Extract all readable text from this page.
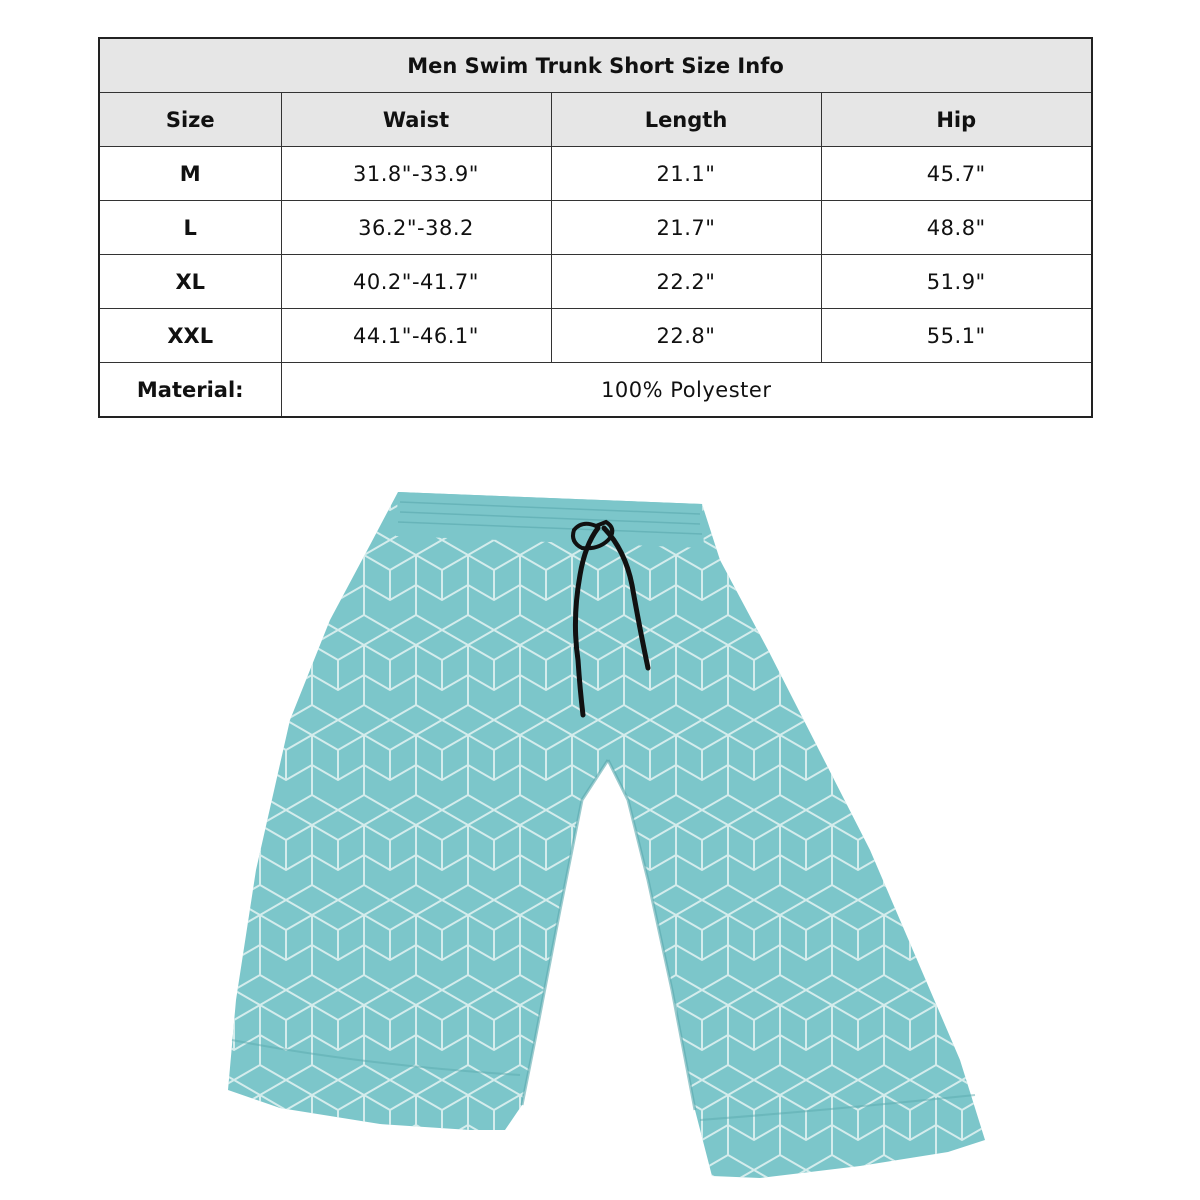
Men Swim Trunk Short Size Info			
Size	Waist	Length	Hip
M	31.8"-33.9"	21.1"	45.7"
L	36.2"-38.2	21.7"	48.8"
XL	40.2"-41.7"	22.2"	51.9"
XXL	44.1"-46.1"	22.8"	55.1"
Material:	100% Polyester		
